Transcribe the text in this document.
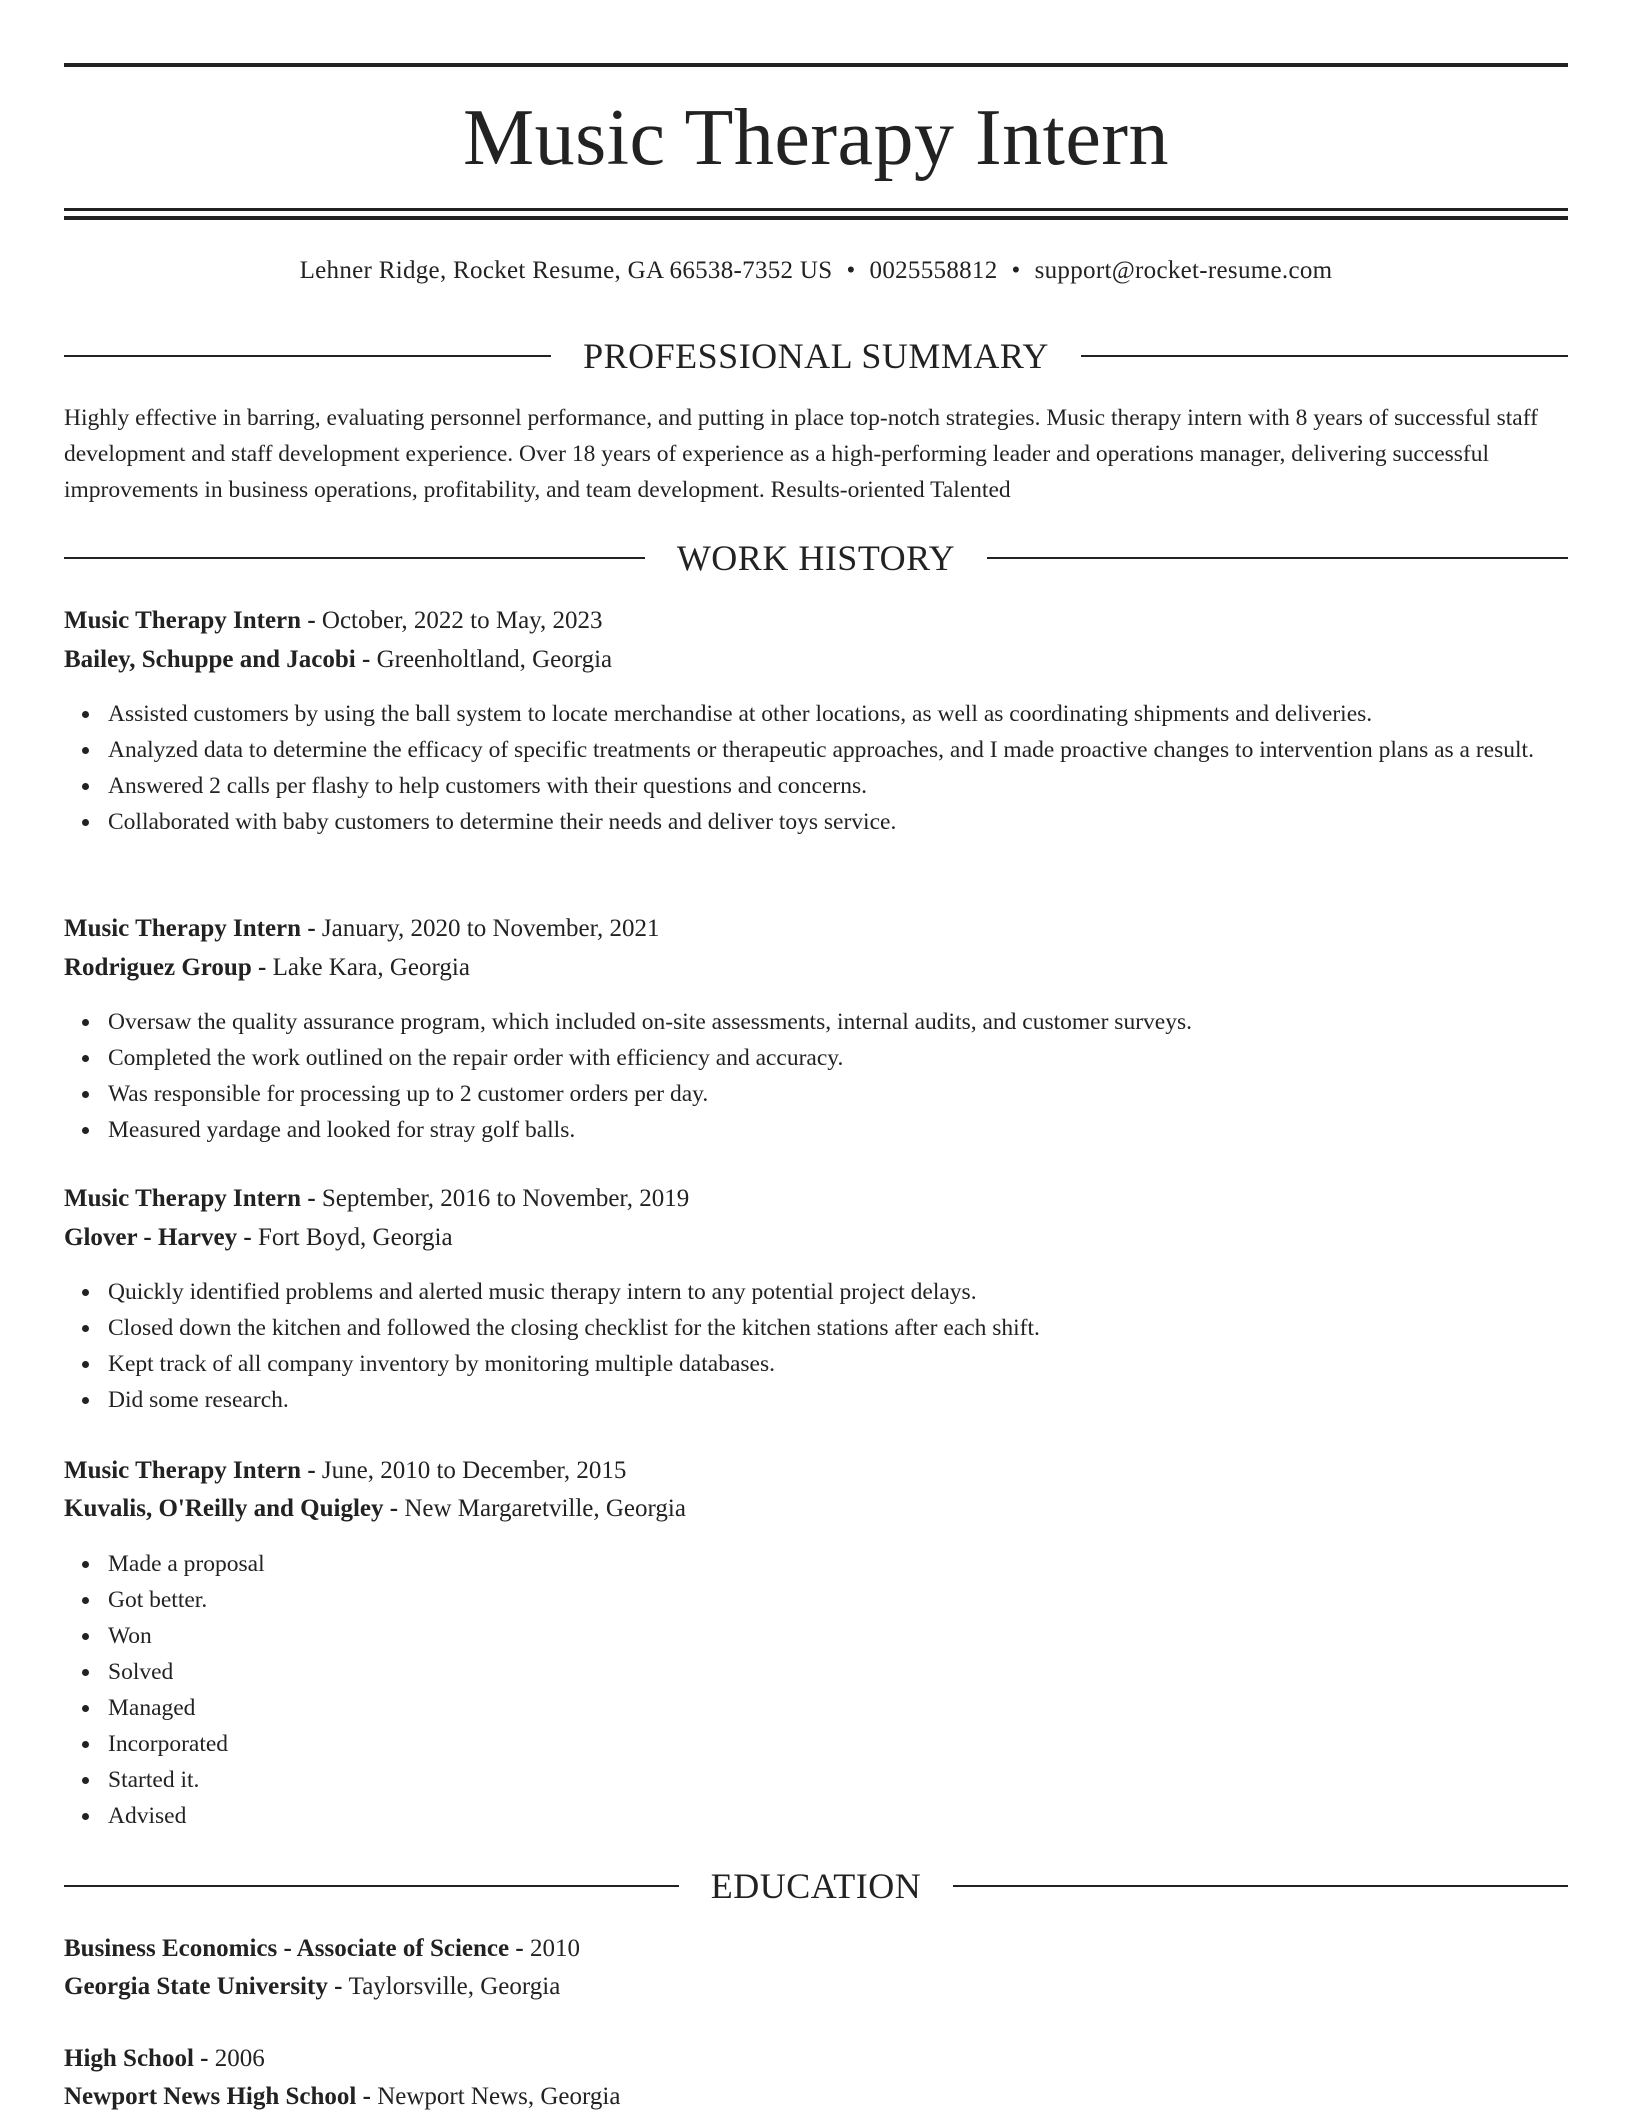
Music Therapy Intern
Lehner Ridge, Rocket Resume, GA 66538-7352 US • 0025558812 • support@rocket-resume.com
PROFESSIONAL SUMMARY

Highly effective in barring, evaluating personnel performance, and putting in place top-notch strategies. Music therapy intern with 8 years of successful staff development and staff development experience. Over 18 years of experience as a high-performing leader and operations manager, delivering successful improvements in business operations, profitability, and team development. Results-oriented Talented

WORK HISTORY

Music Therapy Intern - October, 2022 to May, 2023

Bailey, Schuppe and Jacobi - Greenholtland, Georgia

Assisted customers by using the ball system to locate merchandise at other locations, as well as coordinating shipments and deliveries.
Analyzed data to determine the efficacy of specific treatments or therapeutic approaches, and I made proactive changes to intervention plans as a result.
Answered 2 calls per flashy to help customers with their questions and concerns.
Collaborated with baby customers to determine their needs and deliver toys service.

Music Therapy Intern - January, 2020 to November, 2021

Rodriguez Group - Lake Kara, Georgia

Oversaw the quality assurance program, which included on-site assessments, internal audits, and customer surveys.
Completed the work outlined on the repair order with efficiency and accuracy.
Was responsible for processing up to 2 customer orders per day.
Measured yardage and looked for stray golf balls.

Music Therapy Intern - September, 2016 to November, 2019

Glover - Harvey - Fort Boyd, Georgia

Quickly identified problems and alerted music therapy intern to any potential project delays.
Closed down the kitchen and followed the closing checklist for the kitchen stations after each shift.
Kept track of all company inventory by monitoring multiple databases.
Did some research.

Music Therapy Intern - June, 2010 to December, 2015

Kuvalis, O'Reilly and Quigley - New Margaretville, Georgia

Made a proposal
Got better.
Won
Solved
Managed
Incorporated
Started it.
Advised
EDUCATION

Business Economics - Associate of Science - 2010

Georgia State University - Taylorsville, Georgia

High School - 2006

Newport News High School - Newport News, Georgia
